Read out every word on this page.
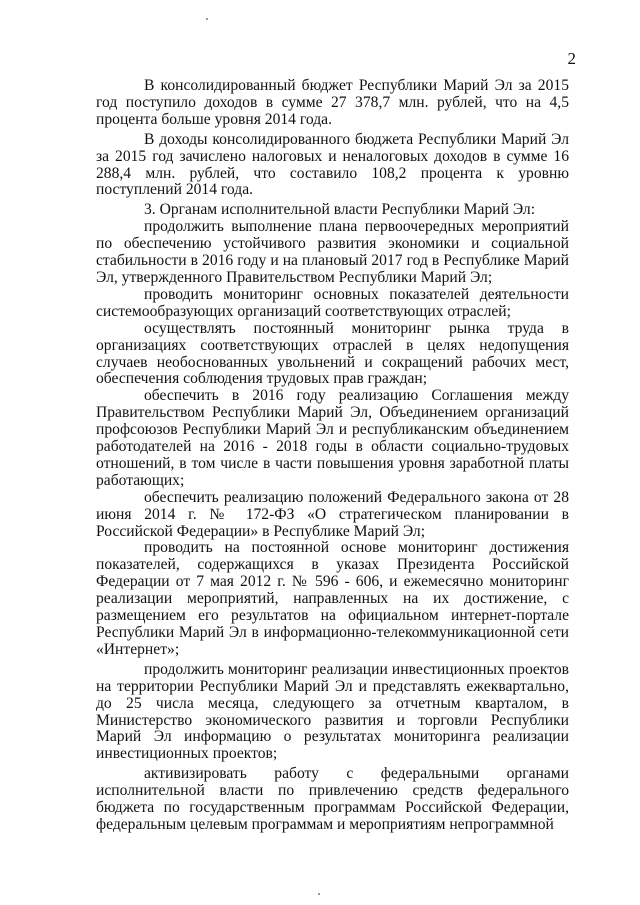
2

В консолидированный бюджет Республики Марий Эл за 2015 год поступило доходов в сумме 27 378,7 млн. рублей, что на 4,5 процента больше уровня 2014 года.

В доходы консолидированного бюджета Республики Марий Эл за 2015 год зачислено налоговых и неналоговых доходов в сумме 16 288,4 млн. рублей, что составило 108,2 процента к уровню поступлений 2014 года.

3. Органам исполнительной власти Республики Марий Эл:

продолжить выполнение плана первоочередных мероприятий по обеспечению устойчивого развития экономики и социальной стабильности в 2016 году и на плановый 2017 год в Республике Марий Эл, утвержденного Правительством Республики Марий Эл;

проводить мониторинг основных показателей деятельности системообразующих организаций соответствующих отраслей;

осуществлять постоянный мониторинг рынка труда в организациях соответствующих отраслей в целях недопущения случаев необоснованных увольнений и сокращений рабочих мест, обеспечения соблюдения трудовых прав граждан;

обеспечить в 2016 году реализацию Соглашения между Правительством Республики Марий Эл, Объединением организаций профсоюзов Республики Марий Эл и республиканским объединением работодателей на 2016 - 2018 годы в области социально-трудовых отношений, в том числе в части повышения уровня заработной платы работающих;

обеспечить реализацию положений Федерального закона от 28 июня 2014 г. № 172-ФЗ «О стратегическом планировании в Российской Федерации» в Республике Марий Эл;

проводить на постоянной основе мониторинг достижения показателей, содержащихся в указах Президента Российской Федерации от 7 мая 2012 г. № 596 - 606, и ежемесячно мониторинг реализации мероприятий, направленных на их достижение, с размещением его результатов на официальном интернет-портале Республики Марий Эл в информационно-телекоммуникационной сети «Интернет»;

продолжить мониторинг реализации инвестиционных проектов на территории Республики Марий Эл и представлять ежеквартально, до 25 числа месяца, следующего за отчетным кварталом, в Министерство экономического развития и торговли Республики Марий Эл информацию о результатах мониторинга реализации инвестиционных проектов;

активизировать работу с федеральными органами исполнительной власти по привлечению средств федерального бюджета по государственным программам Российской Федерации, федеральным целевым программам и мероприятиям непрограммной
